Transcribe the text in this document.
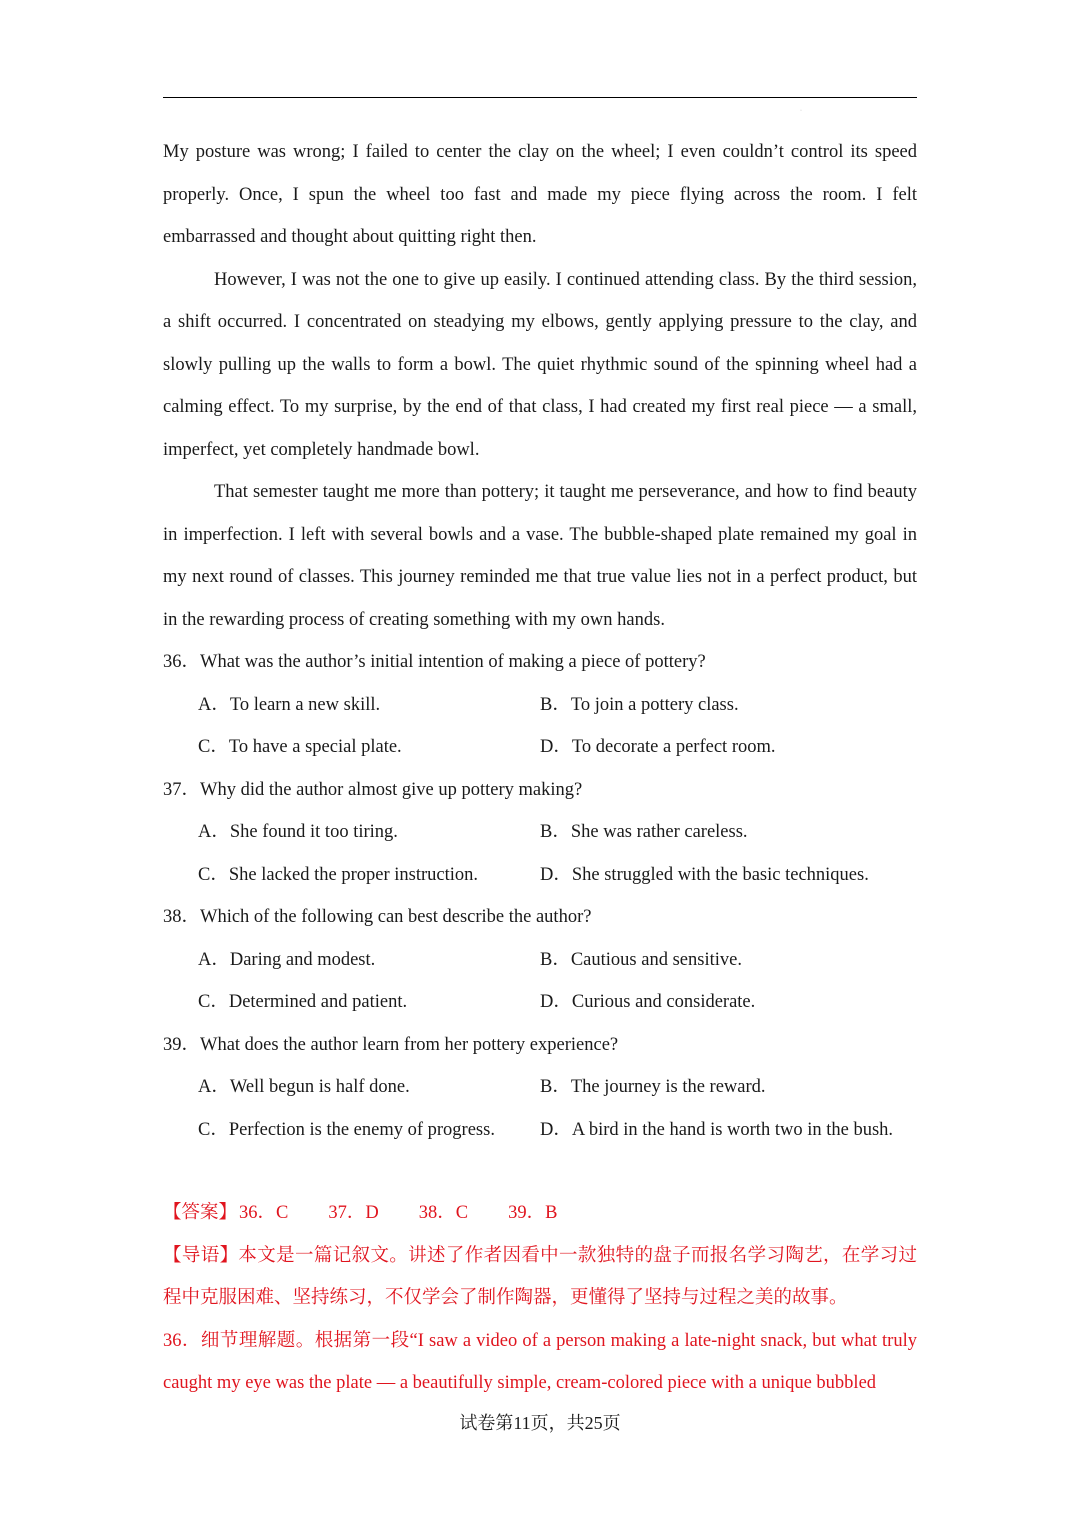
·

My posture was wrong; I failed to center the clay on the wheel; I even couldn’t control its speed properly. Once, I spun the wheel too fast and made my piece flying across the room. I felt embarrassed and thought about quitting right then.

However, I was not the one to give up easily. I continued attending class. By the third session, a shift occurred. I concentrated on steadying my elbows, gently applying pressure to the clay, and slowly pulling up the walls to form a bowl. The quiet rhythmic sound of the spinning wheel had a calming effect. To my surprise, by the end of that class, I had created my first real piece — a small, imperfect, yet completely handmade bowl.

That semester taught me more than pottery; it taught me perseverance, and how to find beauty in imperfection. I left with several bowls and a vase. The bubble-shaped plate remained my goal in my next round of classes. This journey reminded me that true value lies not in a perfect product, but in the rewarding process of creating something with my own hands.

36．What was the author’s initial intention of making a piece of pottery?

A．To learn a new skill.	B．To join a pottery class.
C．To have a special plate.	D．To decorate a perfect room.

37．Why did the author almost give up pottery making?

A．She found it too tiring.	B．She was rather careless.
C．She lacked the proper instruction.	D．She struggled with the basic techniques.

38．Which of the following can best describe the author?

A．Daring and modest.	B．Cautious and sensitive.
C．Determined and patient.	D．Curious and considerate.

39．What does the author learn from her pottery experience?

A．Well begun is half done.	B．The journey is the reward.
C．Perfection is the enemy of progress. D．A bird in the hand is worth two in the bush.

【答案】 36．C 37．D 38．C 39．B

【导语】本文是一篇记叙文。讲述了作者因看中一款独特的盘子而报名学习陶艺，在学习过程中克服困难、坚持练习，不仅学会了制作陶器，更懂得了坚持与过程之美的故事。

36．细节理解题。根据第一段“I saw a video of a person making a late-night snack, but what truly caught my eye was the plate — a beautifully simple, cream-colored piece with a unique bubbled

试卷第11页，共25页
